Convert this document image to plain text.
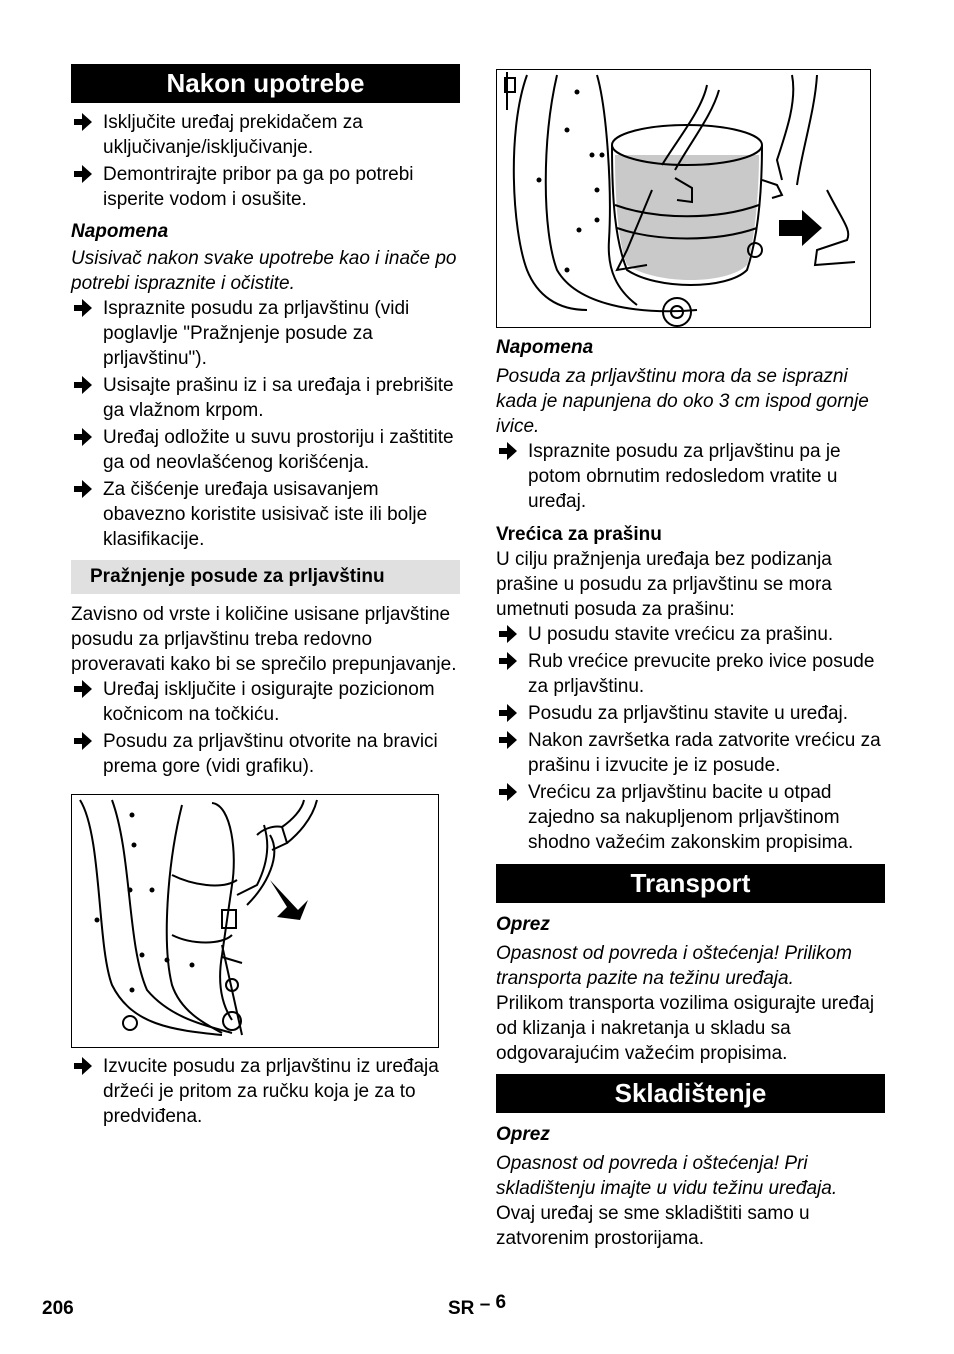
Nakon upotrebe
Isključite uređaj prekidačem za uključivanje/isključivanje.
Demontrirajte pribor pa ga po potrebi isperite vodom i osušite.
Napomena
Usisivač nakon svake upotrebe kao i inače po potrebi ispraznite i očistite.
Ispraznite posudu za prljavštinu (vidi poglavlje "Pražnjenje posude za prljavštinu").
Usisajte prašinu iz i sa uređaja i prebrišite ga vlažnom krpom.
Uređaj odložite u suvu prostoriju i zaštitite ga od neovlašćenog korišćenja.
Za čišćenje uređaja usisavanjem obavezno koristite usisivač iste ili bolje klasifikacije.
Pražnjenje posude za prljavštinu
Zavisno od vrste i količine usisane prljavštine posudu za prljavštinu treba redovno proveravati kako bi se sprečilo prepunjavanje.
Uređaj isključite i osigurajte pozicionom kočnicom na točkiću.
Posudu za prljavštinu otvorite na bravici prema gore (vidi grafiku).
Izvucite posudu za prljavštinu iz uređaja držeći je pritom za ručku koja je za to predviđena.
Napomena
Posuda za prljavštinu mora da se isprazni kada je napunjena do oko 3 cm ispod gornje ivice.
Ispraznite posudu za prljavštinu pa je potom obrnutim redosledom vratite u uređaj.
Vrećica za prašinu
U cilju pražnjenja uređaja bez podizanja prašine u posudu za prljavštinu se mora umetnuti posuda za prašinu:
U posudu stavite vrećicu za prašinu.
Rub vrećice prevucite preko ivice posude za prljavštinu.
Posudu za prljavštinu stavite u uređaj.
Nakon završetka rada zatvorite vrećicu za prašinu i izvucite je iz posude.
Vrećicu za prljavštinu bacite u otpad zajedno sa nakupljenom prljavštinom shodno važećim zakonskim propisima.
Transport
Oprez
Opasnost od povreda i oštećenja! Prilikom transporta pazite na težinu uređaja.
Prilikom transporta vozilima osigurajte uređaj od klizanja i nakretanja u skladu sa odgovarajućim važećim propisima.
Skladištenje
Oprez
Opasnost od povreda i oštećenja! Pri skladištenju imajte u vidu težinu uređaja.
Ovaj uređaj se sme skladištiti samo u zatvorenim prostorijama.
206	SR – 6
